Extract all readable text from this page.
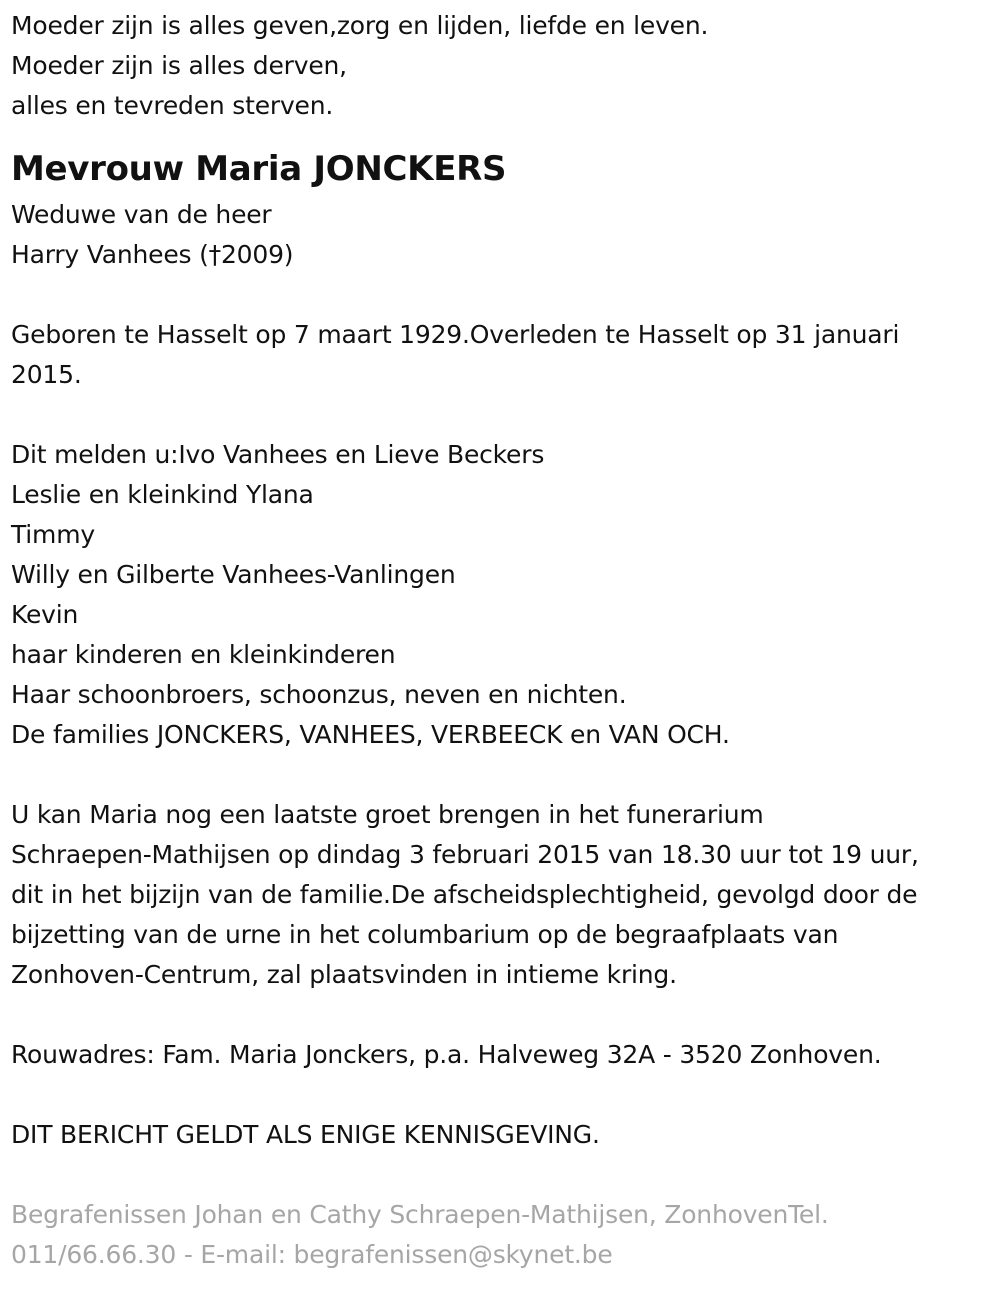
Moeder zijn is alles geven,zorg en lijden, liefde en leven.
Moeder zijn is alles derven,
alles en tevreden sterven.
Mevrouw Maria JONCKERS
Weduwe van de heer
Harry Vanhees (†2009)
Geboren te Hasselt op 7 maart 1929.Overleden te Hasselt op 31 januari
2015.
Dit melden u:Ivo Vanhees en Lieve Beckers
Leslie en kleinkind Ylana
Timmy
Willy en Gilberte Vanhees-Vanlingen
Kevin
haar kinderen en kleinkinderen
Haar schoonbroers, schoonzus, neven en nichten.
De families JONCKERS, VANHEES, VERBEECK en VAN OCH.
U kan Maria nog een laatste groet brengen in het funerarium
Schraepen-Mathijsen op dindag 3 februari 2015 van 18.30 uur tot 19 uur,
dit in het bijzijn van de familie.De afscheidsplechtigheid, gevolgd door de
bijzetting van de urne in het columbarium op de begraafplaats van
Zonhoven-Centrum, zal plaatsvinden in intieme kring.
Rouwadres: Fam. Maria Jonckers, p.a. Halveweg 32A - 3520 Zonhoven.
DIT BERICHT GELDT ALS ENIGE KENNISGEVING.
Begrafenissen Johan en Cathy Schraepen-Mathijsen, ZonhovenTel.
011/66.66.30 - E-mail: begrafenissen@skynet.be
